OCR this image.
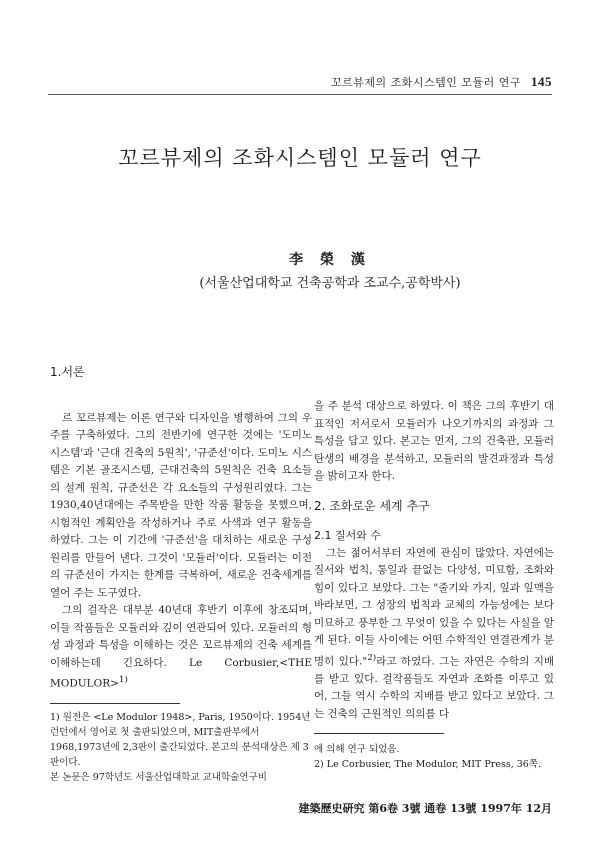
꼬르뷰제의 조화시스템인 모듈러 연구 145
꼬르뷰제의 조화시스템인 모듈러 연구
李 榮 漢
(서울산업대학교 건축공학과 조교수,공학박사)
1.서론

르 꼬르뷰제는 이론 연구와 디자인을 병행하여 그의 우주를 구축하였다. 그의 전반기에 연구한 것에는 '도미노 시스템'과 '근대 건축의 5원칙', '규준선'이다. 도미노 시스템은 기본 골조시스템, 근대건축의 5원칙은 건축 요소들의 설계 원칙, 규준선은 각 요소들의 구성원리였다. 그는 1930,40년대에는 주목받을 만한 작품 활동을 못했으며, 시험적인 계획안을 작성하거나 주로 사색과 연구 활동을 하였다. 그는 이 기간에 '규준선'을 대치하는 새로운 구성원리를 만들어 낸다. 그것이 '모듈러'이다. 모듈러는 이전의 규준선이 가지는 한계를 극복하여, 새로운 건축세계를 열어 주는 도구였다.

그의 걸작은 대부분 40년대 후반기 이후에 창조되며, 이들 작품들은 모듈러와 깊이 연관되어 있다. 모듈러의 형성 과정과 특성을 이해하는 것은 꼬르뷰제의 건축 세계를 이해하는데 긴요하다. Le Corbusier,<THE MODULOR>$^{1)}$

1) 원전은 <Le Modulor 1948>, Paris, 1950이다. 1954년 런던에서 영어로 첫 출판되었으며, MIT출판부에서 1968,1973년에 2,3판이 출간되었다. 본고의 분석대상은 제 3판이다.

본 논문은 97학년도 서울산업대학교 교내학술연구비

을 주 분석 대상으로 하였다. 이 책은 그의 후반기 대표적인 저서로서 모듈러가 나오기까지의 과정과 그 특성을 담고 있다. 본고는 먼저, 그의 건축관, 모듈러 탄생의 배경을 분석하고, 모듈러의 발견과정과 특성을 밝히고자 한다.

2. 조화로운 세계 추구
2.1 질서와 수

그는 젊어서부터 자연에 관심이 많았다. 자연에는 질서와 법칙, 통일과 끝없는 다양성, 미묘함, 조화와 힘이 있다고 보았다. 그는 "줄기와 가지, 잎과 잎맥을 바라보면, 그 성장의 법칙과 교체의 가능성에는 보다 미묘하고 풍부한 그 무엇이 있을 수 있다는 사실을 알게 된다. 이들 사이에는 어떤 수학적인 연결관계가 분명히 있다."$^{2)}$라고 하였다. 그는 자연은 수학의 지배를 받고 있다. 걸작품들도 자연과 조화를 이루고 있어, 그들 역시 수학의 지배를 받고 있다고 보았다. 그는 건축의 근원적인 의의를 다

에 의해 연구 되었음.

2) Le Corbusier, The Modulor, MIT Press, 36쪽.

建築歷史硏究 第6卷 3號 通卷 13號 1997年 12月
